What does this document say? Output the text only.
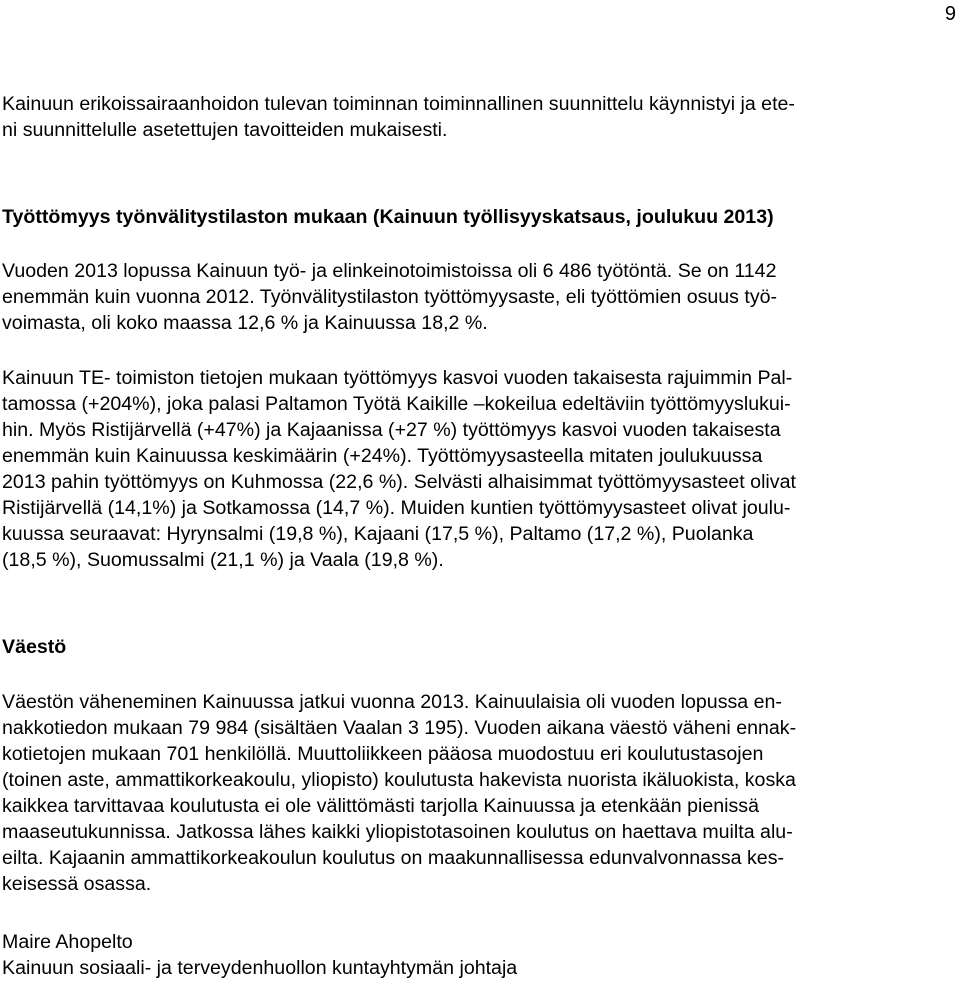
9
Kainuun erikoissairaanhoidon tulevan toiminnan toiminnallinen suunnittelu käynnistyi ja ete-
ni suunnittelulle asetettujen tavoitteiden mukaisesti.
Työttömyys työnvälitystilaston mukaan (Kainuun työllisyyskatsaus, joulukuu 2013)
Vuoden 2013 lopussa Kainuun työ- ja elinkeinotoimistoissa oli 6 486 työtöntä. Se on 1142
enemmän kuin vuonna 2012. Työnvälitystilaston työttömyysaste, eli työttömien osuus työ-
voimasta, oli koko maassa 12,6 % ja Kainuussa 18,2 %.
Kainuun TE- toimiston tietojen mukaan työttömyys kasvoi vuoden takaisesta rajuimmin Pal-
tamossa (+204%), joka palasi Paltamon Työtä Kaikille –kokeilua edeltäviin työttömyyslukui-
hin. Myös Ristijärvellä (+47%) ja Kajaanissa (+27 %) työttömyys kasvoi vuoden takaisesta
enemmän kuin Kainuussa keskimäärin (+24%). Työttömyysasteella mitaten joulukuussa
2013 pahin työttömyys on Kuhmossa (22,6 %). Selvästi alhaisimmat työttömyysasteet olivat
Ristijärvellä (14,1%) ja Sotkamossa (14,7 %). Muiden kuntien työttömyysasteet olivat joulu-
kuussa seuraavat: Hyrynsalmi (19,8 %), Kajaani (17,5 %), Paltamo (17,2 %), Puolanka
(18,5 %), Suomussalmi (21,1 %) ja Vaala (19,8 %).
Väestö
Väestön väheneminen Kainuussa jatkui vuonna 2013. Kainuulaisia oli vuoden lopussa en-
nakkotiedon mukaan 79 984 (sisältäen Vaalan 3 195). Vuoden aikana väestö väheni ennak-
kotietojen mukaan 701 henkilöllä. Muuttoliikkeen pääosa muodostuu eri koulutustasojen
(toinen aste, ammattikorkeakoulu, yliopisto) koulutusta hakevista nuorista ikäluokista, koska
kaikkea tarvittavaa koulutusta ei ole välittömästi tarjolla Kainuussa ja etenkään pienissä
maaseutukunnissa. Jatkossa lähes kaikki yliopistotasoinen koulutus on haettava muilta alu-
eilta. Kajaanin ammattikorkeakoulun koulutus on maakunnallisessa edunvalvonnassa kes-
keisessä osassa.
Maire Ahopelto
Kainuun sosiaali- ja terveydenhuollon kuntayhtymän johtaja
